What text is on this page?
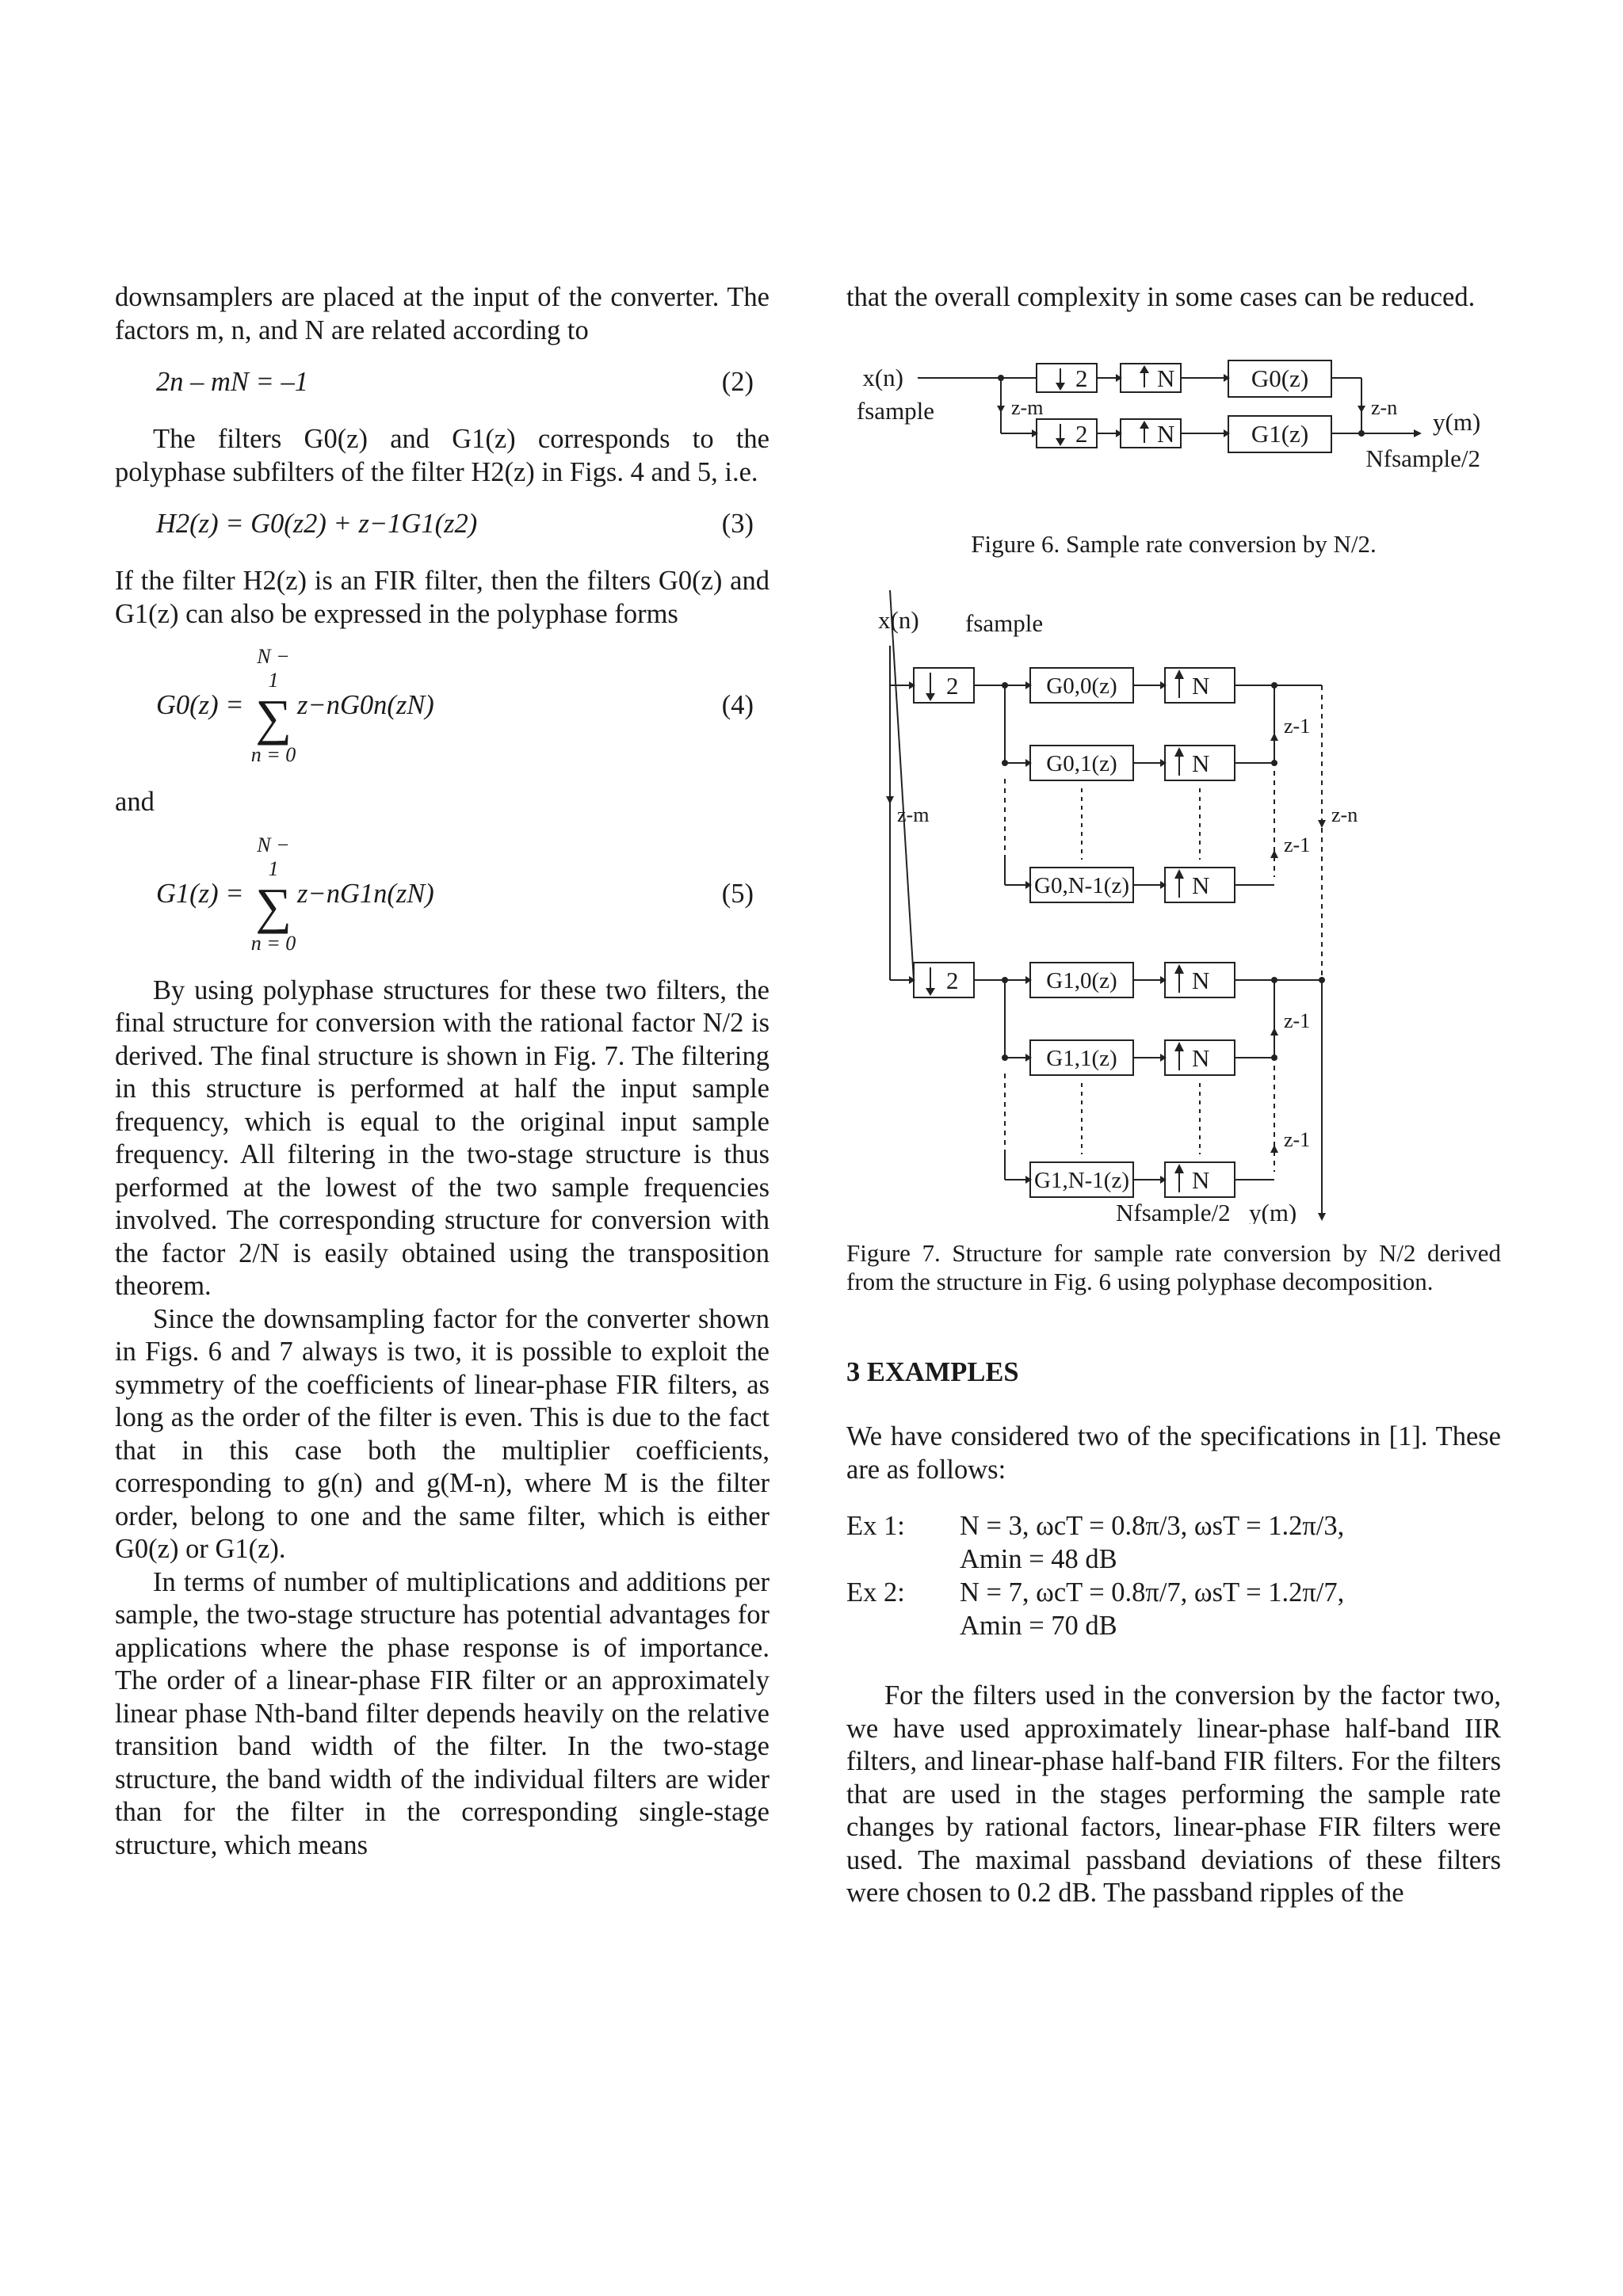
downsamplers are placed at the input of the converter. The factors m, n, and N are related according to

2n – mN = –1	(2)

The filters G0(z) and G1(z) corresponds to the polyphase subfilters of the filter H2(z) in Figs. 4 and 5, i.e.

H2(z) = G0(z2) + z−1G1(z2)	(3)

If the filter H2(z) is an FIR filter, then the filters G0(z) and G1(z) can also be expressed in the polyphase forms

G0(z) =
N − 1
∑
n = 0
z−nG0n(zN)	(4)

and

G1(z) =
N − 1
∑
n = 0
z−nG1n(zN)	(5)

By using polyphase structures for these two filters, the final structure for conversion with the rational factor N/2 is derived. The final structure is shown in Fig. 7. The filtering in this structure is performed at half the input sample frequency, which is equal to the original input sample frequency. All filtering in the two-stage structure is thus performed at the lowest of the two sample frequencies involved. The corresponding structure for conversion with the factor 2/N is easily obtained using the transposition theorem.

Since the downsampling factor for the converter shown in Figs. 6 and 7 always is two, it is possible to exploit the symmetry of the coefficients of linear-phase FIR filters, as long as the order of the filter is even. This is due to the fact that in this case both the multiplier coefficients, corresponding to g(n) and g(M-n), where M is the filter order, belong to one and the same filter, which is either G0(z) or G1(z).

In terms of number of multiplications and additions per sample, the two-stage structure has potential advantages for applications where the phase response is of importance. The order of a linear-phase FIR filter or an approximately linear phase Nth-band filter depends heavily on the relative transition band width of the filter. In the two-stage structure, the band width of the individual filters are wider than for the filter in the corresponding single-stage structure, which means

that the overall complexity in some cases can be reduced.

x(n)
fsample	z-m	z-n
2
2
N
N
G0(z)
G1(z)	y(m)
Nfsample/2

Figure 6. Sample rate conversion by N/2.

x(n) fsample
z-m	z-n
z-1
z-1
z-1
z-1
2
2
N
N
N
N
N
N
G0,0(z)
G0,1(z)
G0,N-1(z)
G1,0(z)
G1,1(z)
G1,N-1(z)
Nfsample/2 y(m)

Figure 7. Structure for sample rate conversion by N/2 derived from the structure in Fig. 6 using polyphase decomposition.

3 EXAMPLES

We have considered two of the specifications in [1]. These are as follows:

Ex 1: N = 3, ωcT = 0.8π/3, ωsT = 1.2π/3,
Amin = 48 dB
Ex 2: N = 7, ωcT = 0.8π/7, ωsT = 1.2π/7,
Amin = 70 dB

For the filters used in the conversion by the factor two, we have used approximately linear-phase half-band IIR filters, and linear-phase half-band FIR filters. For the filters that are used in the stages performing the sample rate changes by rational factors, linear-phase FIR filters were used. The maximal passband deviations of these filters were chosen to 0.2 dB. The passband ripples of the
